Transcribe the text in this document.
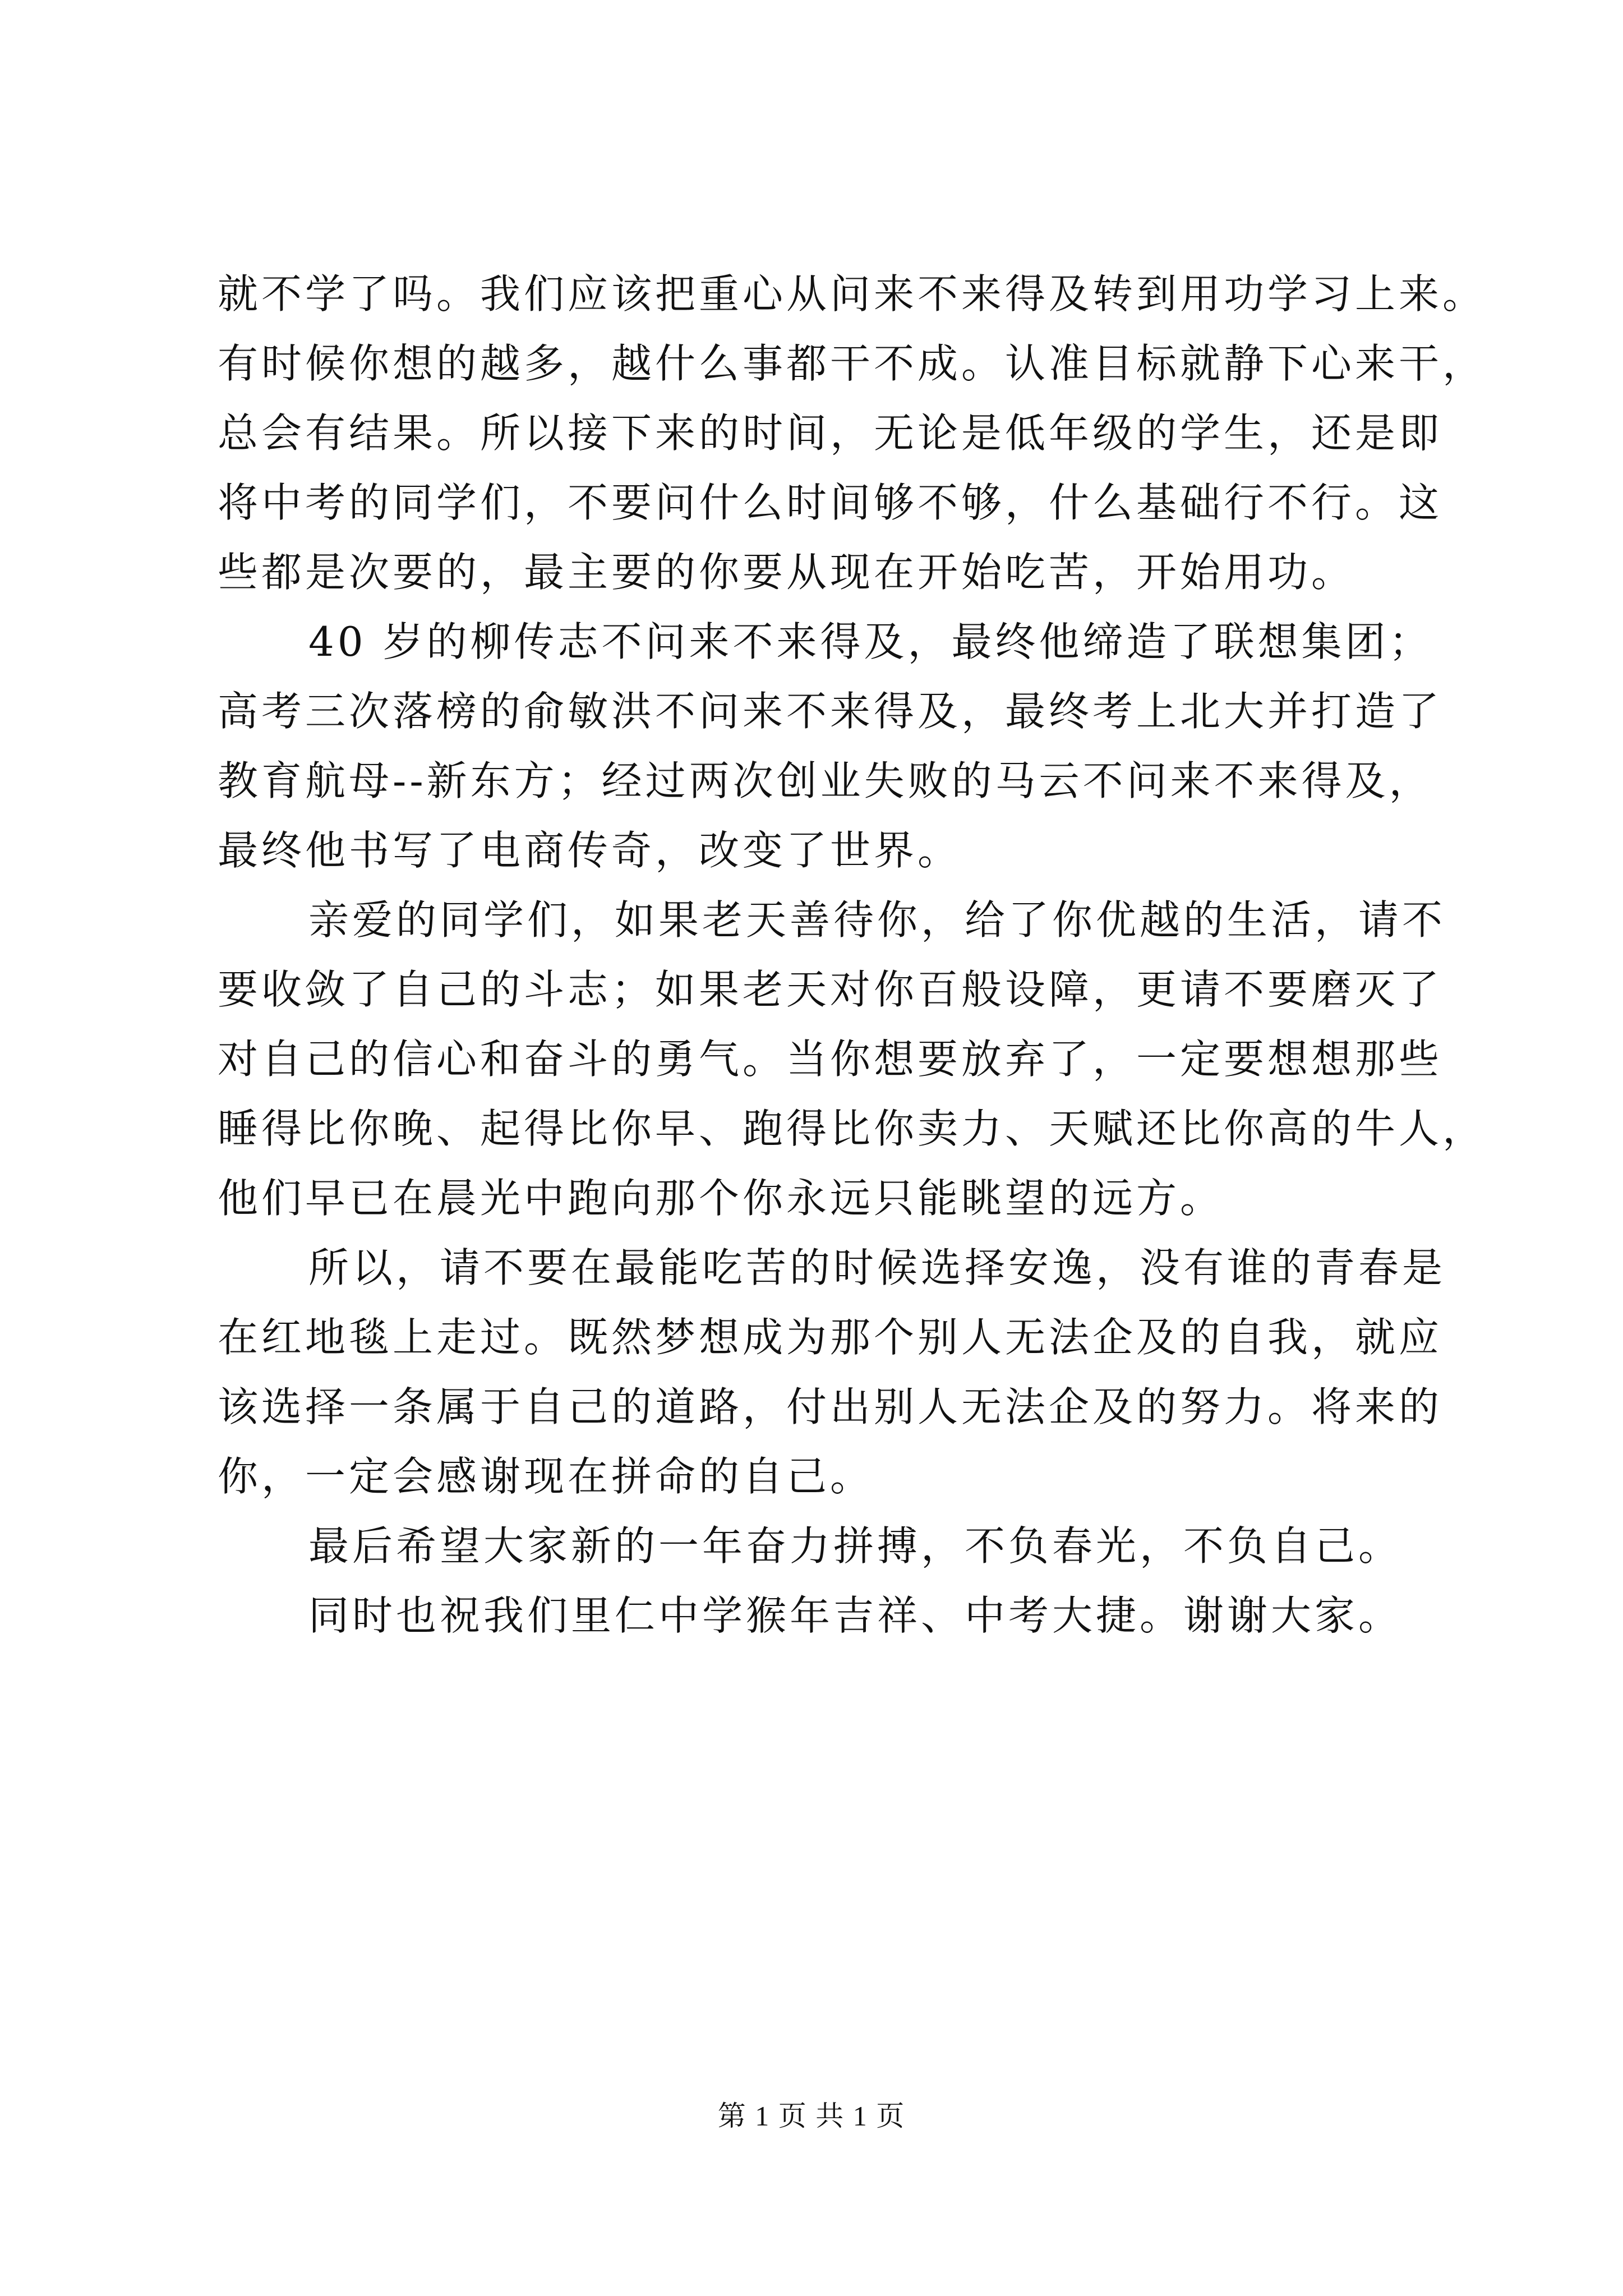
就不学了吗。我们应该把重心从问来不来得及转到用功学习上来。
有时候你想的越多，越什么事都干不成。认准目标就静下心来干，
总会有结果。所以接下来的时间，无论是低年级的学生，还是即
将中考的同学们，不要问什么时间够不够，什么基础行不行。这
些都是次要的，最主要的你要从现在开始吃苦，开始用功。
40 岁的柳传志不问来不来得及，最终他缔造了联想集团；
高考三次落榜的俞敏洪不问来不来得及，最终考上北大并打造了
教育航母--新东方；经过两次创业失败的马云不问来不来得及，
最终他书写了电商传奇，改变了世界。
亲爱的同学们，如果老天善待你，给了你优越的生活，请不
要收敛了自己的斗志；如果老天对你百般设障，更请不要磨灭了
对自己的信心和奋斗的勇气。当你想要放弃了，一定要想想那些
睡得比你晚、起得比你早、跑得比你卖力、天赋还比你高的牛人，
他们早已在晨光中跑向那个你永远只能眺望的远方。
所以，请不要在最能吃苦的时候选择安逸，没有谁的青春是
在红地毯上走过。既然梦想成为那个别人无法企及的自我，就应
该选择一条属于自己的道路，付出别人无法企及的努力。将来的
你，一定会感谢现在拼命的自己。
最后希望大家新的一年奋力拼搏，不负春光，不负自己。
同时也祝我们里仁中学猴年吉祥、中考大捷。谢谢大家。
第 1 页 共 1 页
